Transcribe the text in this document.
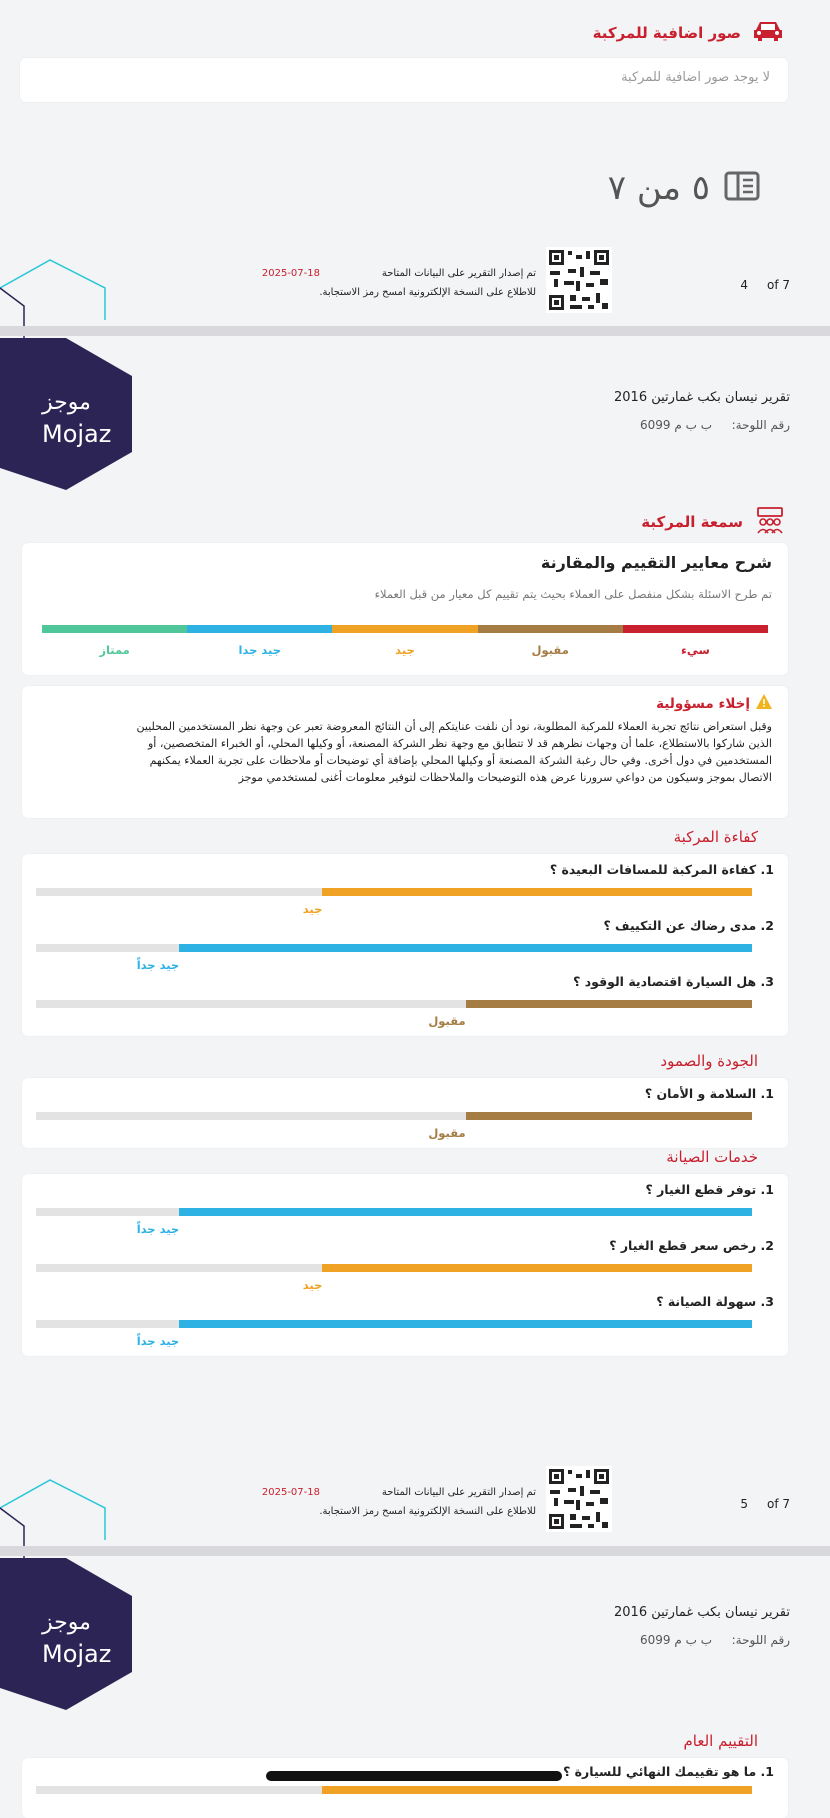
صور اضافية للمركبة
لا يوجد صور اضافية للمركبة
٥ من ٧
of 7
4
تم إصدار التقرير على البيانات المتاحة
2025-07-18
للاطلاع على النسخة الإلكترونية امسح رمز الاستجابة.
موجز
Mojaz
تقرير نيسان بكب غمارتين 2016
رقم اللوحة:
ب ب م 6099
سمعة المركبة
شرح معايير التقييم والمقارنة
تم طرح الاسئلة بشكل منفصل على العملاء بحيث يتم تقييم كل معيار من قبل العملاء
سيء
مقبول
جيد
جيد جدا
ممتاز
إخلاء مسؤولية
وقبل استعراض نتائج تجربة العملاء للمركبة المطلوبة، نود أن نلفت عنايتكم إلى أن النتائج المعروضة تعبر عن وجهة نظر المستخدمين المحليين
الذين شاركوا بالاستطلاع، علما أن وجهات نظرهم قد لا تتطابق مع وجهة نظر الشركة المصنعة، أو وكيلها المحلي، أو الخبراء المتخصصين، أو
المستخدمين في دول أخرى. وفي حال رغبة الشركة المصنعة أو وكيلها المحلي بإضافة أي توضيحات أو ملاحظات على تجربة العملاء يمكنهم
الاتصال بموجز وسيكون من دواعي سرورنا عرض هذه التوضيحات والملاحظات لتوفير معلومات أغنى لمستخدمي موجز
كفاءة المركبة
1. كفاءة المركبة للمسافات البعيدة ؟
جيد
2. مدى رضاك عن التكييف ؟
جيد جداً
3. هل السيارة اقتصادية الوقود ؟
مقبول
الجودة والصمود
1. السلامة و الأمان ؟
مقبول
خدمات الصيانة
1. توفر قطع الغيار ؟
جيد جداً
2. رخص سعر قطع الغيار ؟
جيد
3. سهولة الصيانة ؟
جيد جداً
of 7
5
تم إصدار التقرير على البيانات المتاحة
2025-07-18
للاطلاع على النسخة الإلكترونية امسح رمز الاستجابة.
موجز
Mojaz
تقرير نيسان بكب غمارتين 2016
رقم اللوحة:
ب ب م 6099
التقييم العام
1. ما هو تقييمك النهائي للسيارة ؟
